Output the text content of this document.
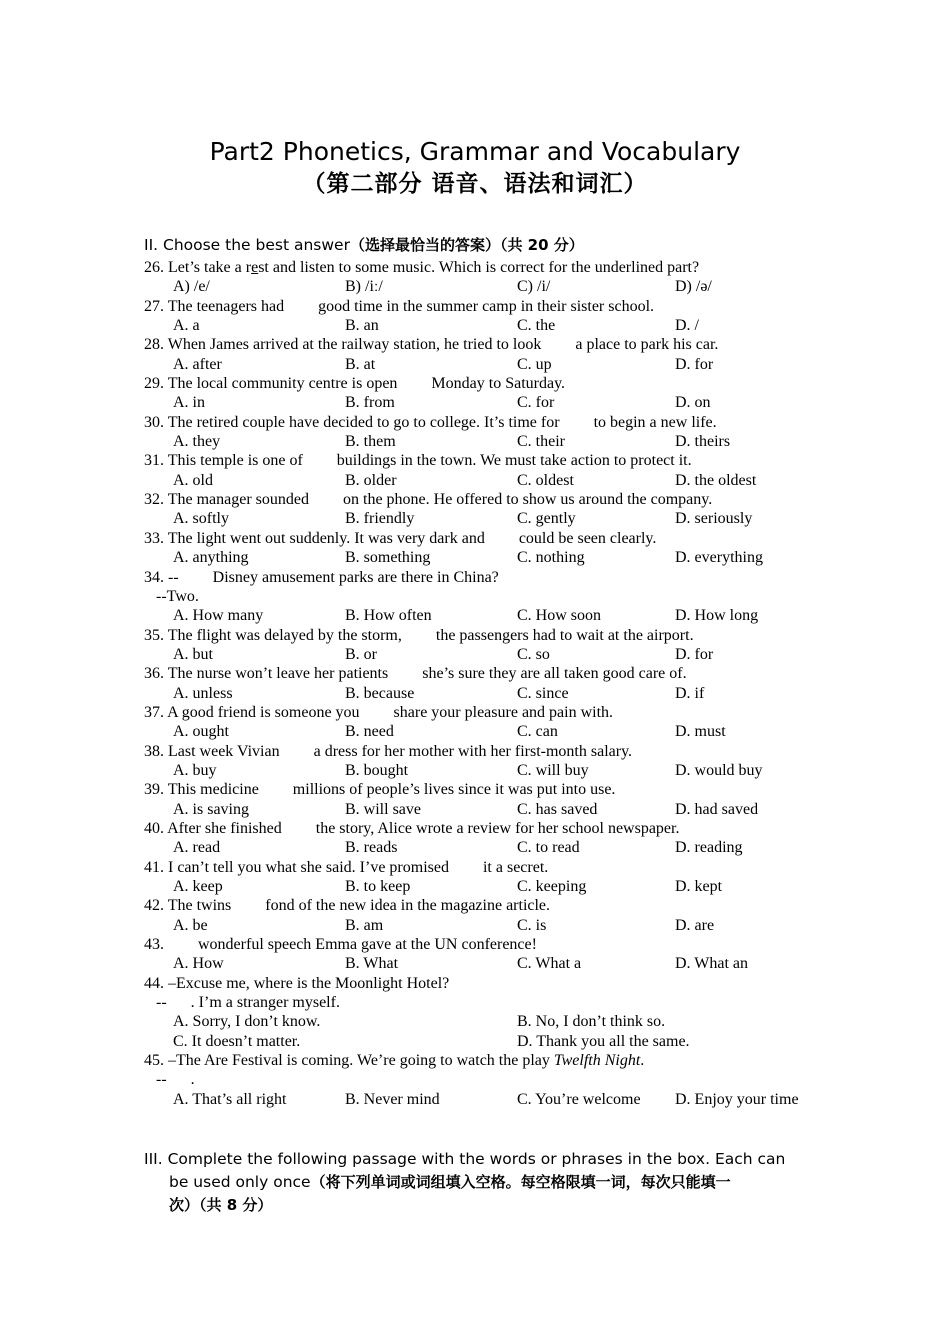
Part2 Phonetics, Grammar and Vocabulary
（第二部分 语音、语法和词汇）
II. Choose the best answer（选择最恰当的答案）（共 20 分）
26. Let’s take a rest and listen to some music. Which is correct for the underlined part?
A) /e/	B) /iː/	C) /i/	D) /ə/
27. The teenagers had good time in the summer camp in their sister school.
A. a	B. an	C. the	D. /
28. When James arrived at the railway station, he tried to look a place to park his car.
A. after	B. at	C. up	D. for
29. The local community centre is open Monday to Saturday.
A. in	B. from	C. for	D. on
30. The retired couple have decided to go to college. It’s time for to begin a new life.
A. they	B. them	C. their	D. theirs
31. This temple is one of buildings in the town. We must take action to protect it.
A. old	B. older	C. oldest	D. the oldest
32. The manager sounded on the phone. He offered to show us around the company.
A. softly	B. friendly	C. gently	D. seriously
33. The light went out suddenly. It was very dark and could be seen clearly.
A. anything	B. something	C. nothing	D. everything
34. -- Disney amusement parks are there in China?
--Two.
A. How many	B. How often	C. How soon	D. How long
35. The flight was delayed by the storm, the passengers had to wait at the airport.
A. but	B. or	C. so	D. for
36. The nurse won’t leave her patients she’s sure they are all taken good care of.
A. unless	B. because	C. since	D. if
37. A good friend is someone you share your pleasure and pain with.
A. ought	B. need	C. can	D. must
38. Last week Vivian a dress for her mother with her first-month salary.
A. buy	B. bought	C. will buy	D. would buy
39. This medicine millions of people’s lives since it was put into use.
A. is saving	B. will save	C. has saved	D. had saved
40. After she finished the story, Alice wrote a review for her school newspaper.
A. read	B. reads	C. to read	D. reading
41. I can’t tell you what she said. I’ve promised it a secret.
A. keep	B. to keep	C. keeping	D. kept
42. The twins fond of the new idea in the magazine article.
A. be	B. am	C. is	D. are
43. wonderful speech Emma gave at the UN conference!
A. How	B. What	C. What a	D. What an
44. –Excuse me, where is the Moonlight Hotel?
-- . I’m a stranger myself.
A. Sorry, I don’t know.	B. No, I don’t think so.
C. It doesn’t matter.	D. Thank you all the same.
45. –The Are Festival is coming. We’re going to watch the play Twelfth Night.
-- .
A. That’s all right	B. Never mind	C. You’re welcome D. Enjoy your time
III. Complete the following passage with the words or phrases in the box. Each can
be used only once（将下列单词或词组填入空格。每空格限填一词，每次只能填一
次）（共 8 分）
